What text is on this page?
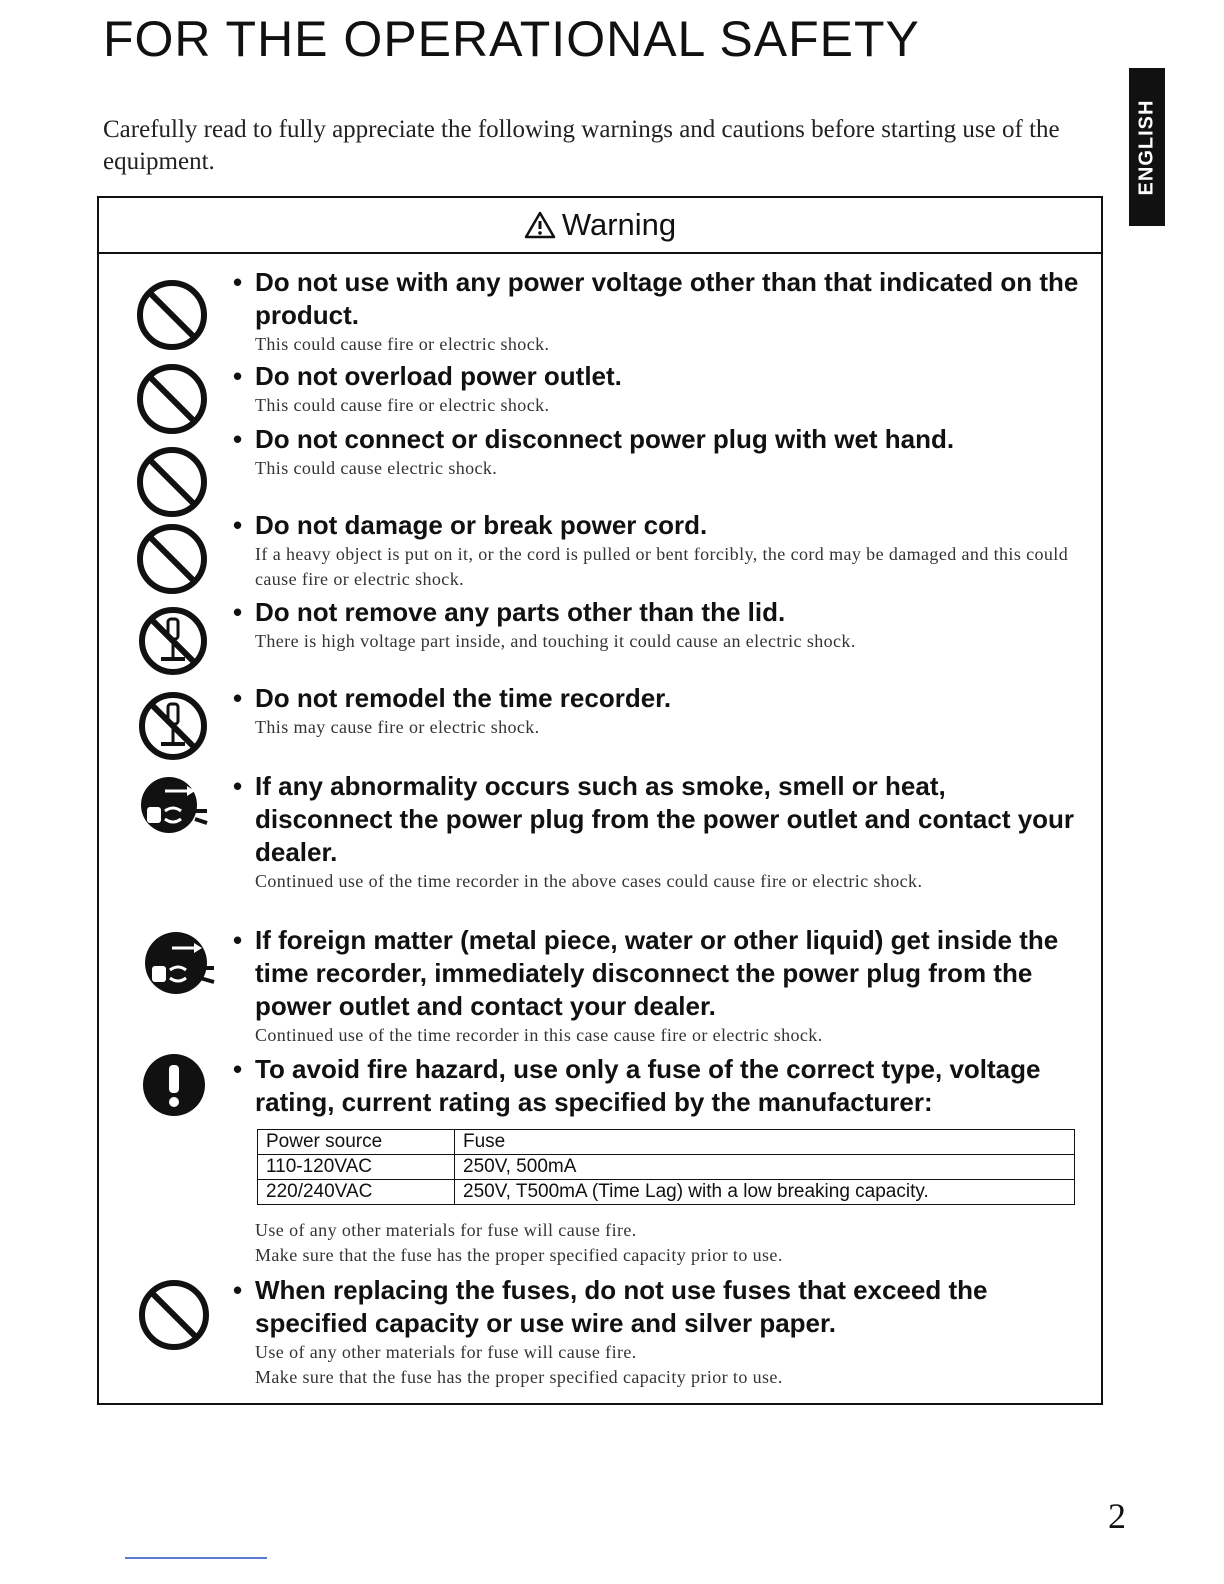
FOR THE OPERATIONAL SAFETY
Carefully read to fully appreciate the following warnings and cautions before starting use of the equipment.	ENGLISH
Warning
• Do not use with any power voltage other than that indicated on the product.
This could cause fire or electric shock.
• Do not overload power outlet.
This could cause fire or electric shock.
• Do not connect or disconnect power plug with wet hand.
This could cause electric shock.
• Do not damage or break power cord.
If a heavy object is put on it, or the cord is pulled or bent forcibly, the cord may be damaged and this could cause fire or electric shock.
• Do not remove any parts other than the lid.
There is high voltage part inside, and touching it could cause an electric shock.
• Do not remodel the time recorder.
This may cause fire or electric shock.
• If any abnormality occurs such as smoke, smell or heat, disconnect the power plug from the power outlet and contact your dealer.
Continued use of the time recorder in the above cases could cause fire or electric shock.
• If foreign matter (metal piece, water or other liquid) get inside the time recorder, immediately disconnect the power plug from the power outlet and contact your dealer.
Continued use of the time recorder in this case cause fire or electric shock.
• To avoid fire hazard, use only a fuse of the correct type, voltage rating, current rating as specified by the manufacturer:
Power source	Fuse
110-120VAC	250V, 500mA
220/240VAC	250V, T500mA (Time Lag) with a low breaking capacity.
Use of any other materials for fuse will cause fire.
Make sure that the fuse has the proper specified capacity prior to use.
• When replacing the fuses, do not use fuses that exceed the specified capacity or use wire and silver paper.
Use of any other materials for fuse will cause fire.
Make sure that the fuse has the proper specified capacity prior to use.
2
